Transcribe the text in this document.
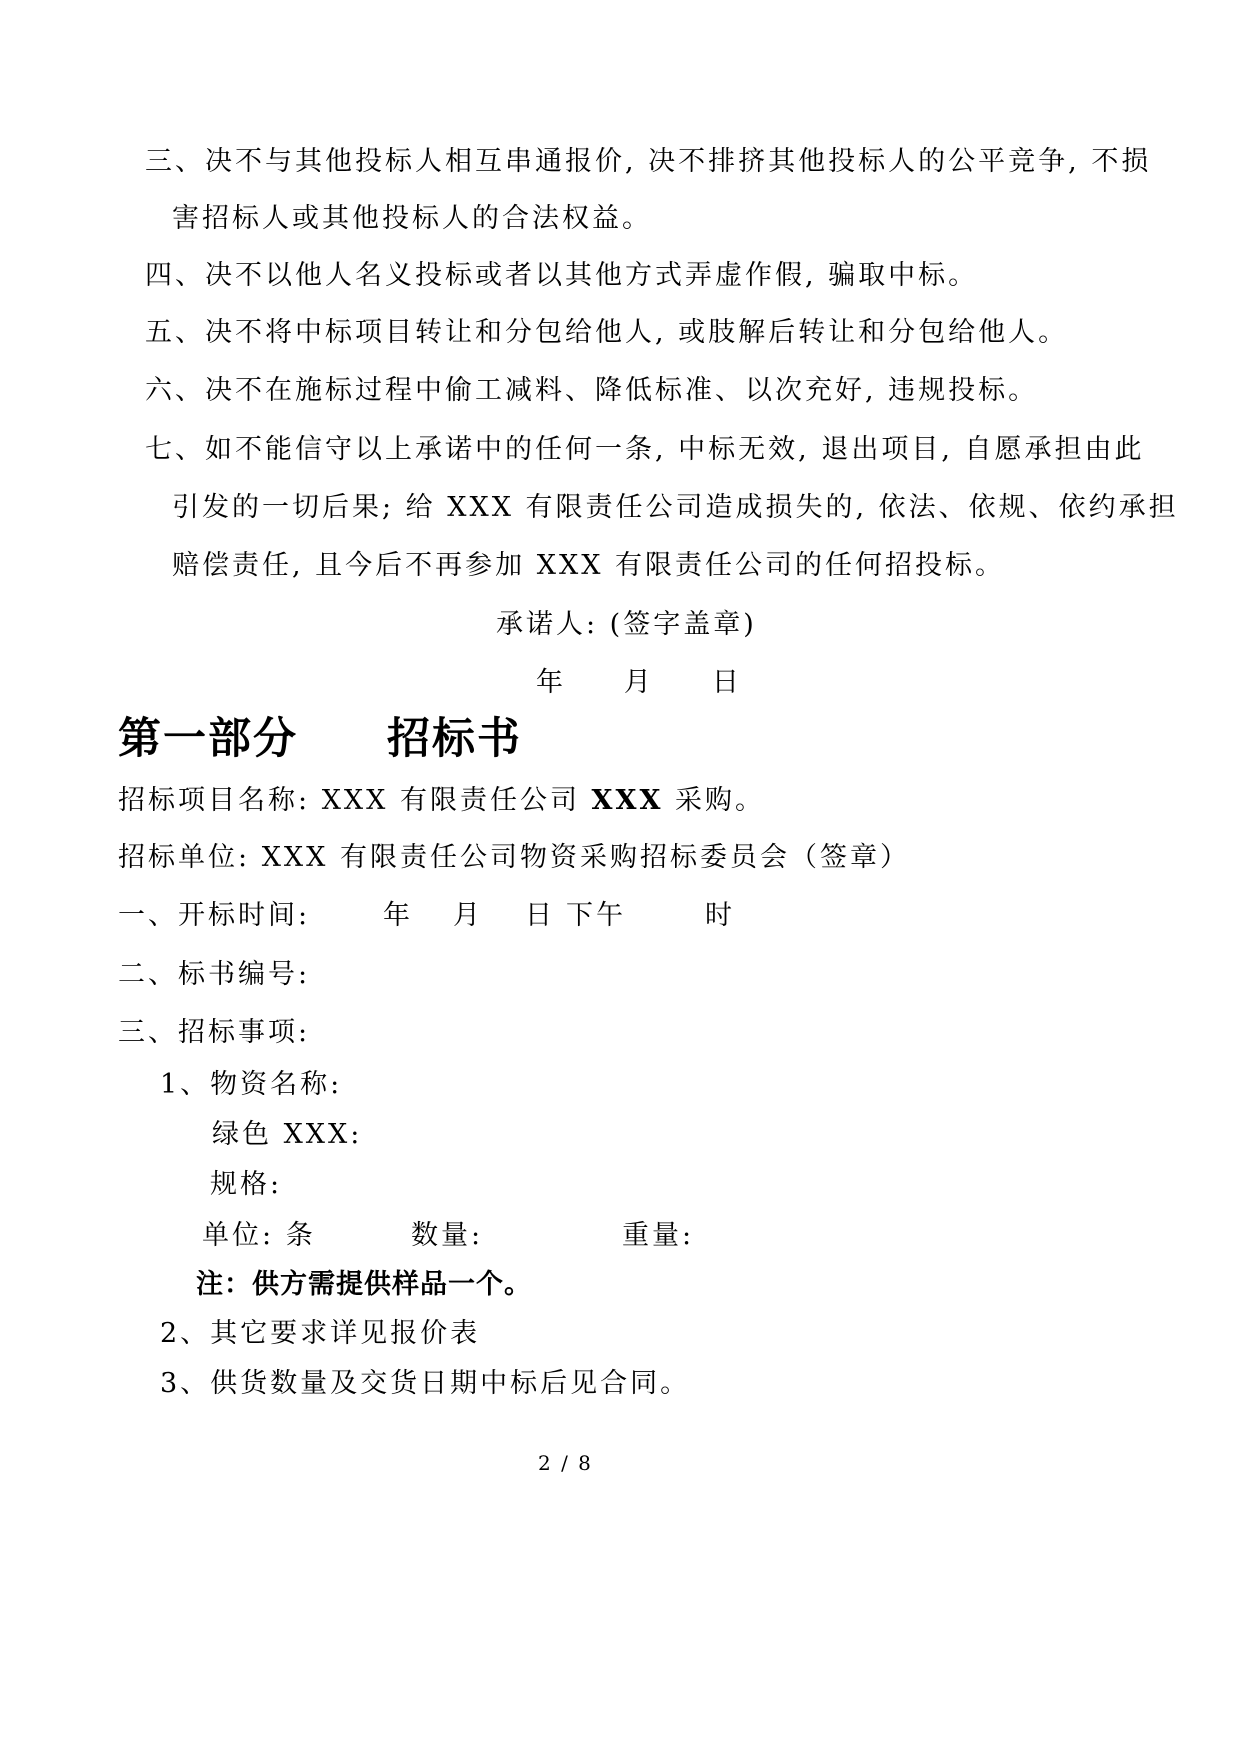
三、决不与其他投标人相互串通报价, 决不排挤其他投标人的公平竞争, 不损
害招标人或其他投标人的合法权益。
四、决不以他人名义投标或者以其他方式弄虚作假, 骗取中标。
五、决不将中标项目转让和分包给他人, 或肢解后转让和分包给他人。
六、决不在施标过程中偷工减料、降低标准、以次充好, 违规投标。
七、如不能信守以上承诺中的任何一条, 中标无效, 退出项目, 自愿承担由此
引发的一切后果; 给 XXX 有限责任公司造成损失的, 依法、依规、依约承担
赔偿责任, 且今后不再参加 XXX 有限责任公司的任何招投标。
承诺人: (签字盖章)
年     月     日
第一部分 招标书
招标项目名称: XXX 有限责任公司 XXX 采购。
招标单位: XXX 有限责任公司物资采购招标委员会（签章）
一、开标时间:	年 月 日 下午	时
二、标书编号:
三、招标事项:
1、物资名称:
绿色 XXX:
规格:
单位: 条	数量:	重量:
注：供方需提供样品一个。
2、其它要求详见报价表
3、供货数量及交货日期中标后见合同。
2 / 8
